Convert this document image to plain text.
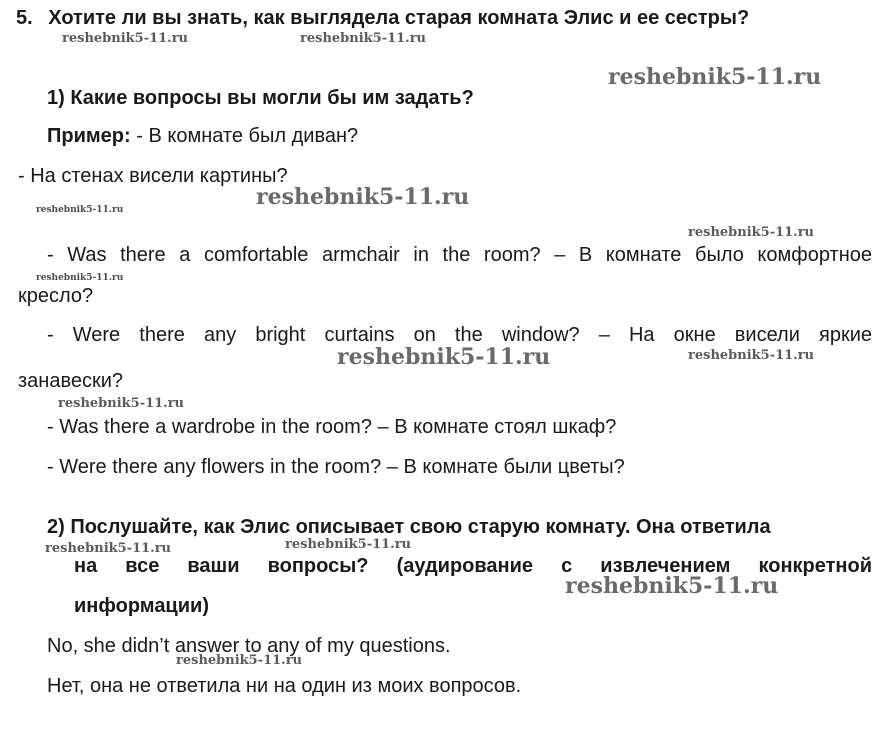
5. Хотите ли вы знать, как выглядела старая комната Элис и ее сестры?
1) Какие вопросы вы могли бы им задать?
Пример: - В комнате был диван?
- На стенах висели картины?
- Was there a comfortable armchair in the room? – В комнате было комфортное
кресло?
- Were there any bright curtains on the window? – На окне висели яркие
занавески?
- Was there a wardrobe in the room? – В комнате стоял шкаф?
- Were there any flowers in the room? – В комнате были цветы?
2) Послушайте, как Элис описывает свою старую комнату. Она ответила
на все ваши вопросы? (аудирование с извлечением конкретной
информации)
No, she didn’t answer to any of my questions.
Нет, она не ответила ни на один из моих вопросов.
reshebnik5-11.ru	reshebnik5-11.ru
reshebnik5-11.ru
reshebnik5-11.ru	reshebnik5-11.ru
reshebnik5-11.ru
reshebnik5-11.ru
reshebnik5-11.ru	reshebnik5-11.ru
reshebnik5-11.ru
reshebnik5-11.ru
reshebnik5-11.ru
reshebnik5-11.ru
reshebnik5-11.ru
